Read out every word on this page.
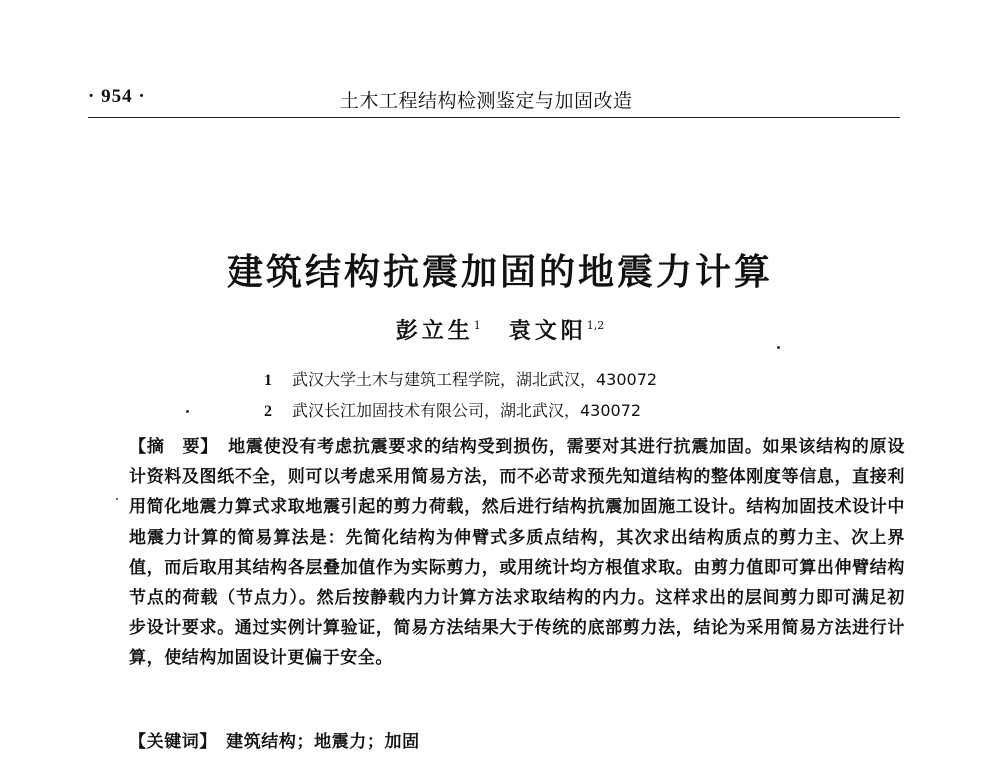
· 954 ·	土木工程结构检测鉴定与加固改造
建筑结构抗震加固的地震力计算
彭立生$^1$ 袁文阳$^{1,2}$
1 武汉大学土木与建筑工程学院，湖北武汉，430072
2 武汉长江加固技术有限公司，湖北武汉，430072
【摘　要】 地震使没有考虑抗震要求的结构受到损伤，需要对其进行抗震加固。如果该结构的原设计资料及图纸不全，则可以考虑采用简易方法，而不必苛求预先知道结构的整体刚度等信息，直接利用简化地震力算式求取地震引起的剪力荷载，然后进行结构抗震加固施工设计。结构加固技术设计中地震力计算的简易算法是：先简化结构为伸臂式多质点结构，其次求出结构质点的剪力主、次上界值，而后取用其结构各层叠加值作为实际剪力，或用统计均方根值求取。由剪力值即可算出伸臂结构节点的荷载（节点力）。然后按静载内力计算方法求取结构的内力。这样求出的层间剪力即可满足初步设计要求。通过实例计算验证，简易方法结果大于传统的底部剪力法，结论为采用简易方法进行计算，使结构加固设计更偏于安全。
【关键词】　建筑结构；地震力；加固
